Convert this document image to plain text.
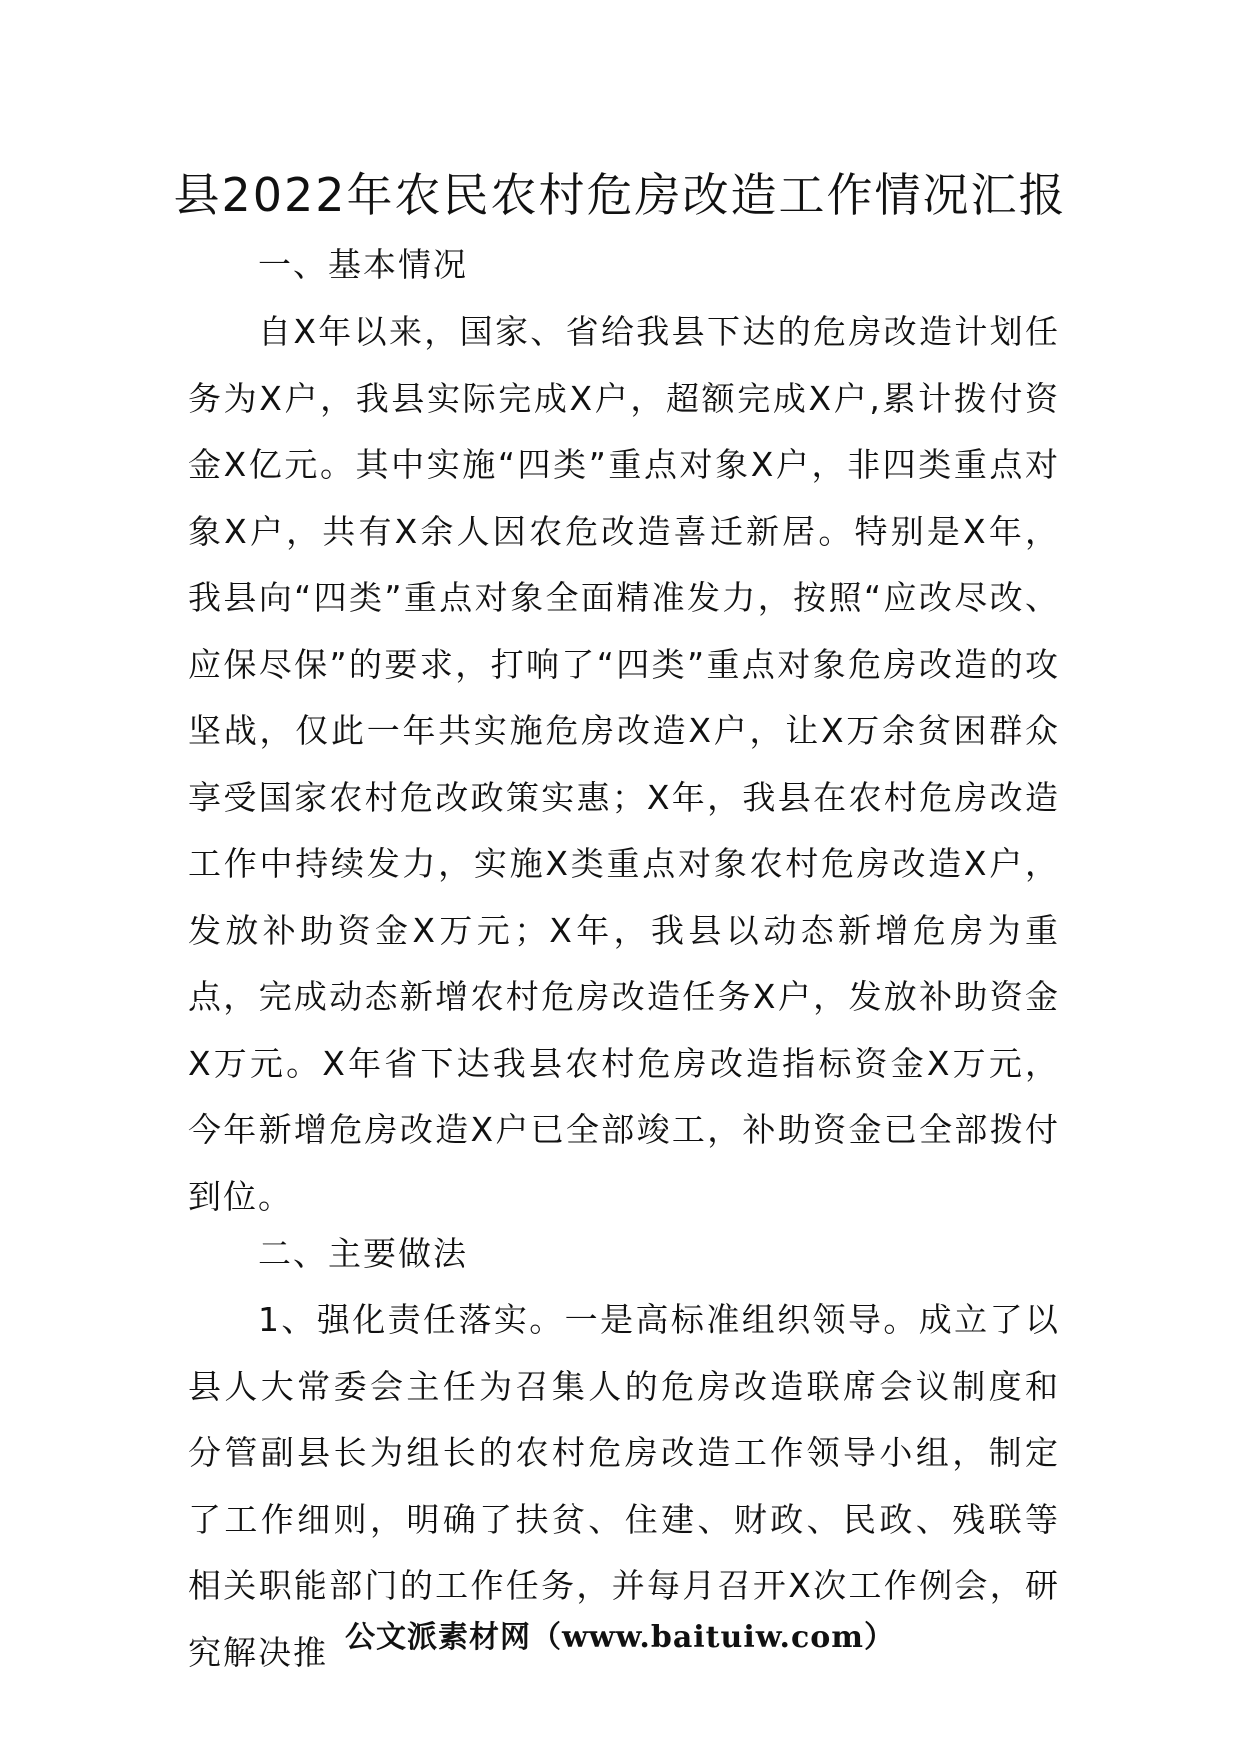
县2022年农民农村危房改造工作情况汇报

一、基本情况

自X年以来，国家、省给我县下达的危房改造计划任务为X户，我县实际完成X户，超额完成X户,累计拨付资金X亿元。其中实施“四类”重点对象X户，非四类重点对象X户，共有X余人因农危改造喜迁新居。特别是X年，我县向“四类”重点对象全面精准发力，按照“应改尽改、应保尽保”的要求，打响了“四类”重点对象危房改造的攻坚战，仅此一年共实施危房改造X户，让X万余贫困群众享受国家农村危改政策实惠；X年，我县在农村危房改造工作中持续发力，实施X类重点对象农村危房改造X户，发放补助资金X万元；X年，我县以动态新增危房为重点，完成动态新增农村危房改造任务X户，发放补助资金X万元。X年省下达我县农村危房改造指标资金X万元，今年新增危房改造X户已全部竣工，补助资金已全部拨付到位。

二、主要做法

1、强化责任落实。一是高标准组织领导。成立了以县人大常委会主任为召集人的危房改造联席会议制度和分管副县长为组长的农村危房改造工作领导小组，制定了工作细则，明确了扶贫、住建、财政、民政、残联等相关职能部门的工作任务，并每月召开X次工作例会，研究解决推 公文派素材网（www.baituiw.com）
